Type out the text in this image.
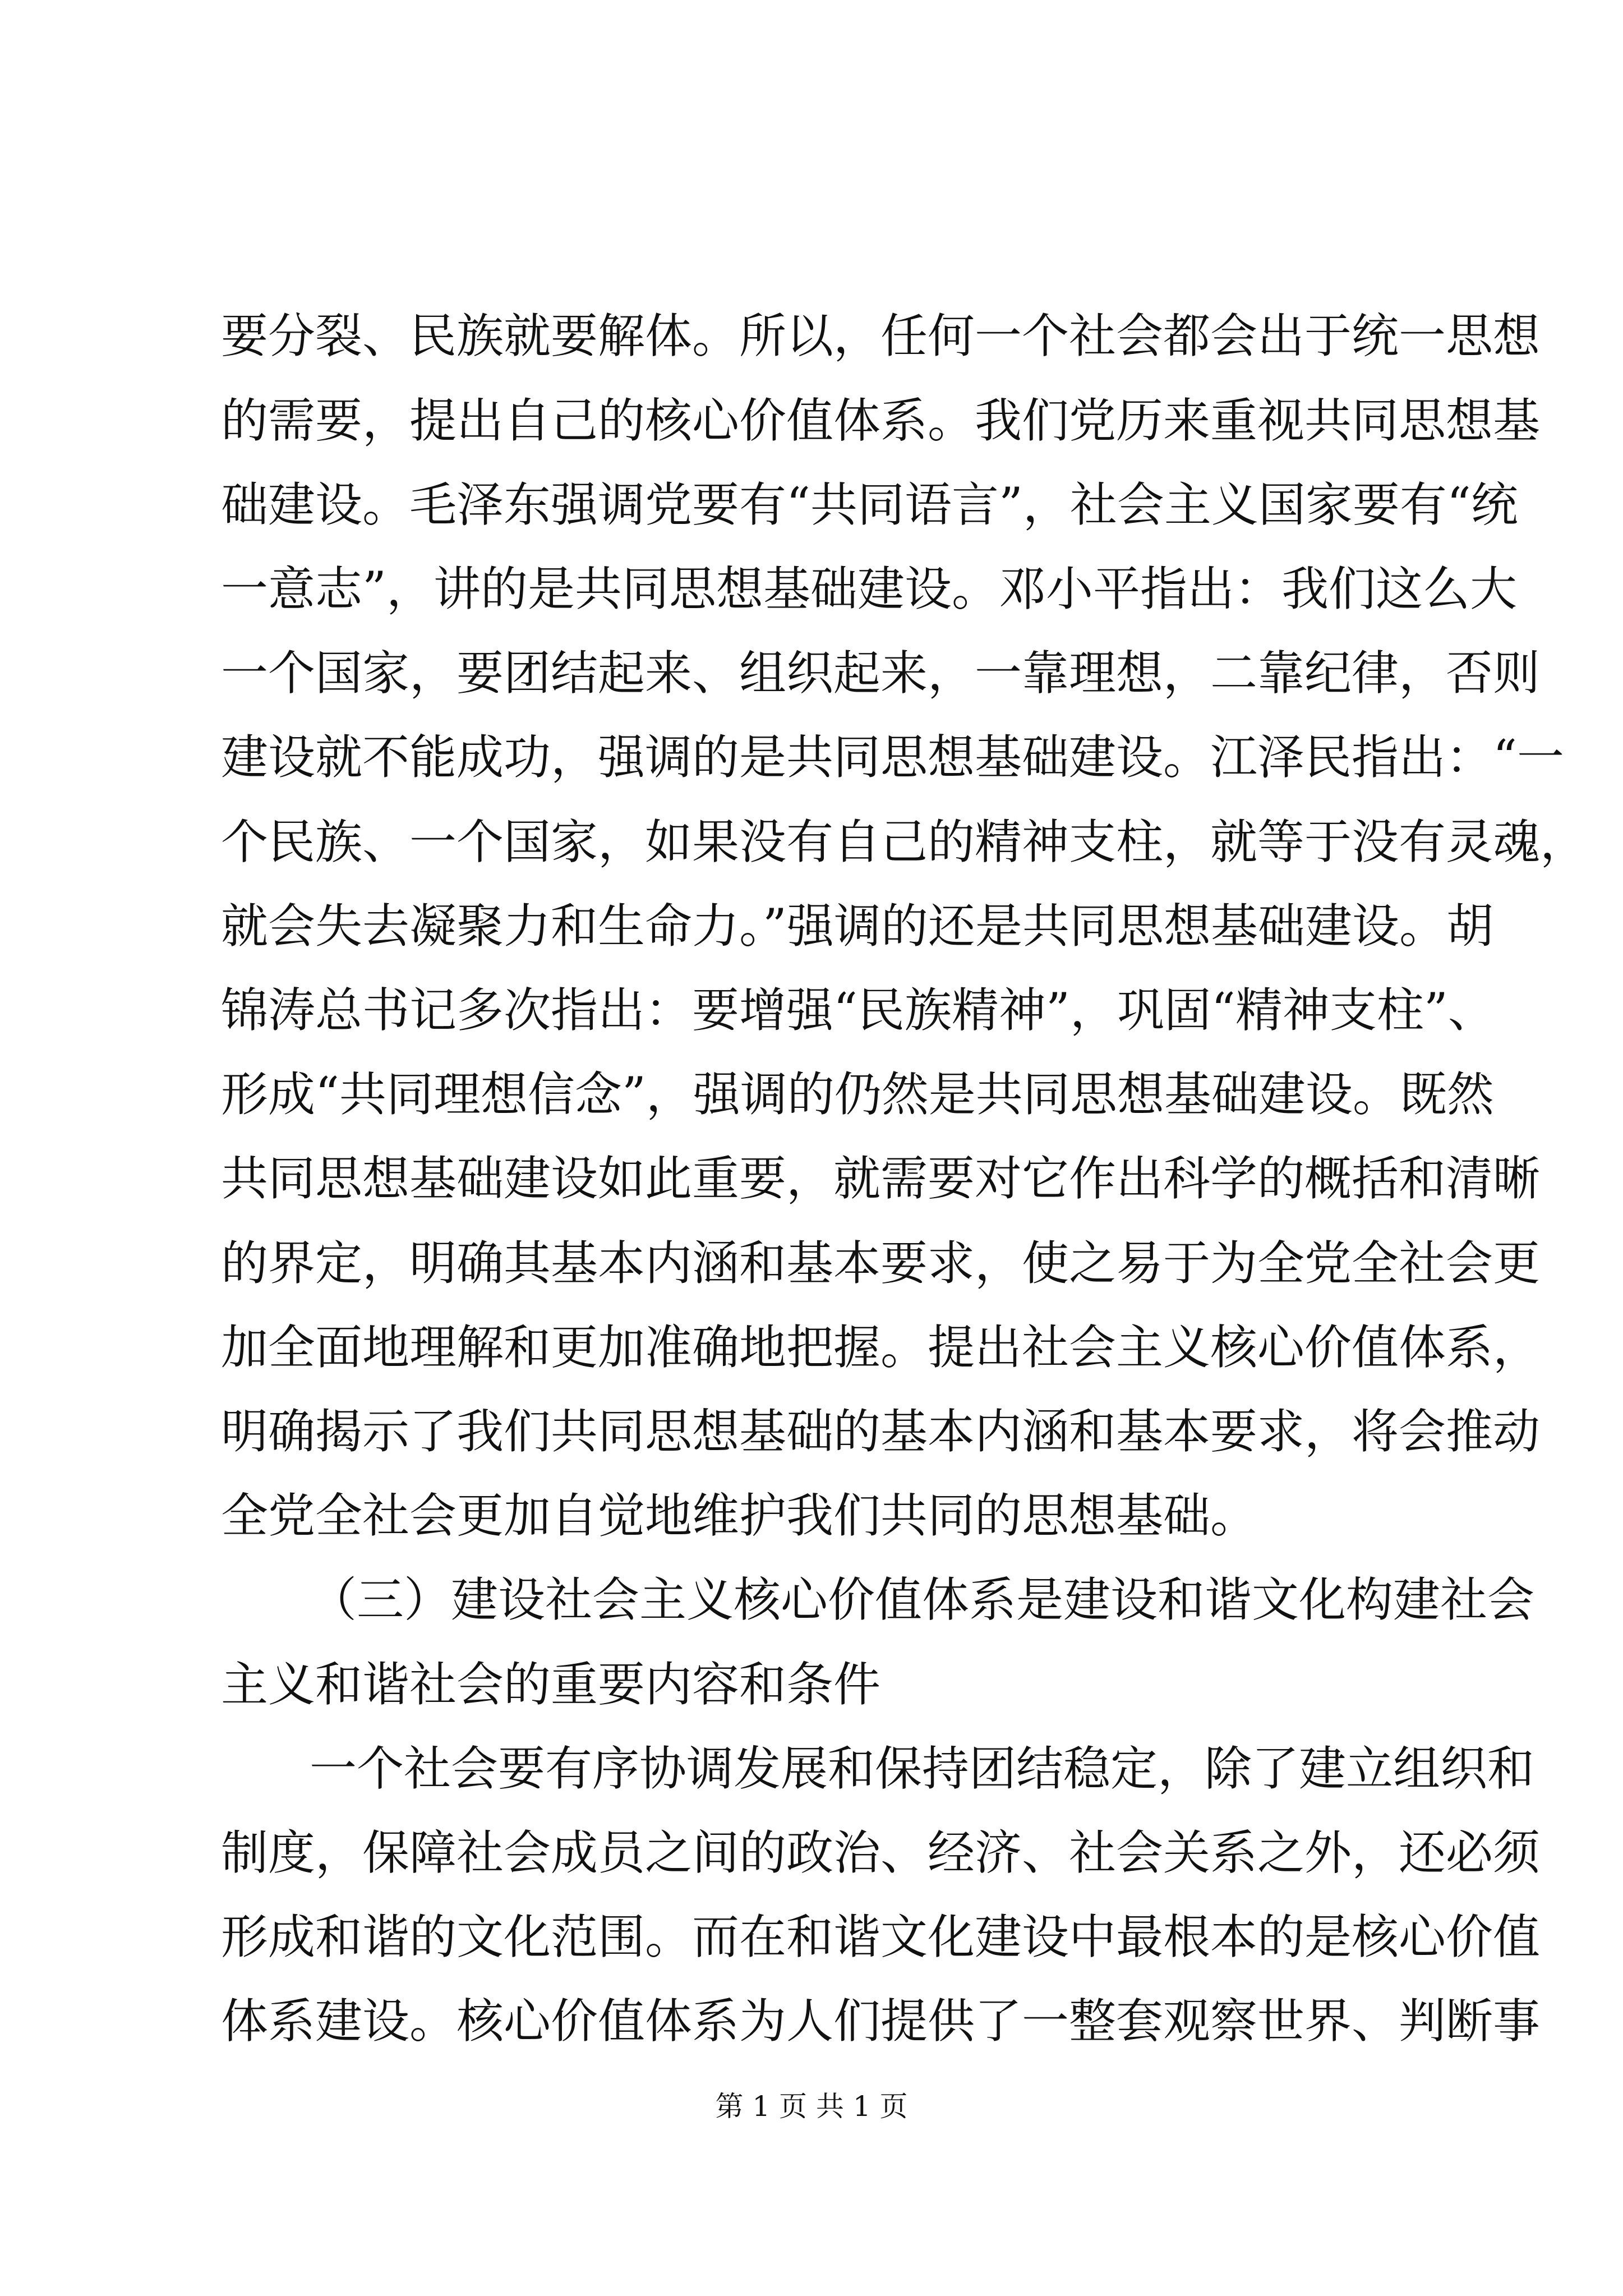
要分裂、民族就要解体。所以，任何一个社会都会出于统一思想
的需要，提出自己的核心价值体系。我们党历来重视共同思想基
础建设。毛泽东强调党要有“共同语言”，社会主义国家要有“统
一意志”，讲的是共同思想基础建设。邓小平指出：我们这么大
一个国家，要团结起来、组织起来，一靠理想，二靠纪律，否则
建设就不能成功，强调的是共同思想基础建设。江泽民指出：“一
个民族、一个国家，如果没有自己的精神支柱，就等于没有灵魂，
就会失去凝聚力和生命力。”强调的还是共同思想基础建设。胡
锦涛总书记多次指出：要增强“民族精神”，巩固“精神支柱”、
形成“共同理想信念”，强调的仍然是共同思想基础建设。既然
共同思想基础建设如此重要，就需要对它作出科学的概括和清晰
的界定，明确其基本内涵和基本要求，使之易于为全党全社会更
加全面地理解和更加准确地把握。提出社会主义核心价值体系，
明确揭示了我们共同思想基础的基本内涵和基本要求，将会推动
全党全社会更加自觉地维护我们共同的思想基础。
（三）建设社会主义核心价值体系是建设和谐文化构建社会
主义和谐社会的重要内容和条件
一个社会要有序协调发展和保持团结稳定，除了建立组织和
制度，保障社会成员之间的政治、经济、社会关系之外，还必须
形成和谐的文化范围。而在和谐文化建设中最根本的是核心价值
体系建设。核心价值体系为人们提供了一整套观察世界、判断事
第 1 页 共 1 页
